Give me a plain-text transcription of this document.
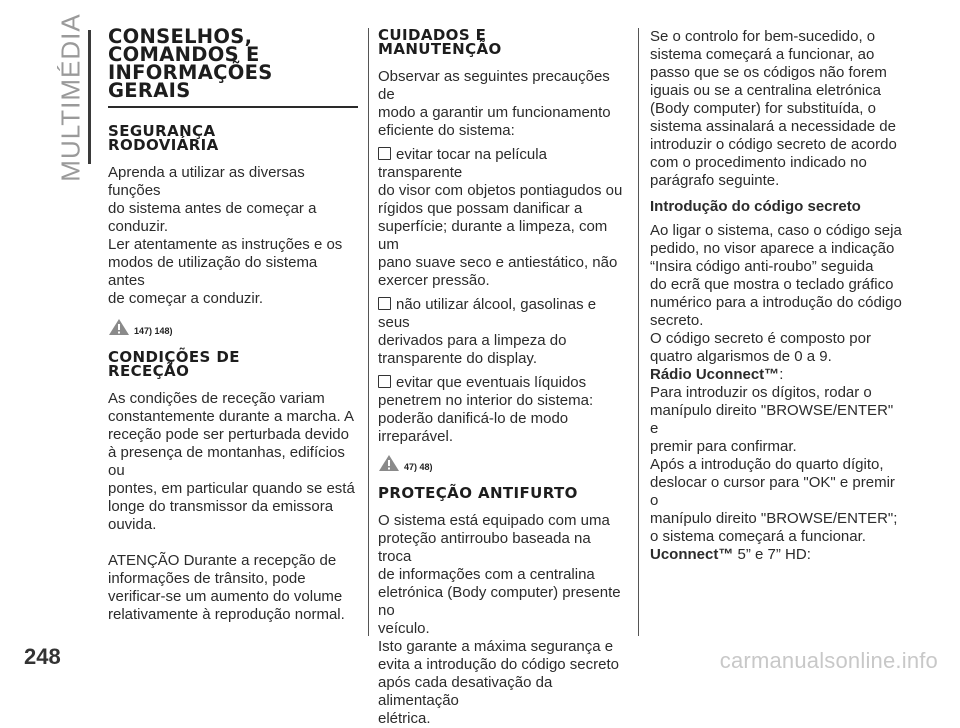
MULTIMÉDIA CONSELHOS,
COMANDOS E
INFORMAÇÕES
GERAIS
SEGURANÇA
RODOVIÁRIA

Aprenda a utilizar as diversas funções
do sistema antes de começar a
conduzir.
Ler atentamente as instruções e os
modos de utilização do sistema antes
de começar a conduzir.

147) 148)
CONDIÇÕES DE
RECEÇÃO

As condições de receção variam
constantemente durante a marcha. A
receção pode ser perturbada devido
à presença de montanhas, edifícios ou
pontes, em particular quando se está
longe do transmissor da emissora
ouvida.

ATENÇÃO Durante a recepção de
informações de trânsito, pode
verificar-se um aumento do volume
relativamente à reprodução normal.

CUIDADOS E
MANUTENÇÃO

Observar as seguintes precauções de
modo a garantir um funcionamento
eficiente do sistema:

evitar tocar na película transparente
do visor com objetos pontiagudos ou
rígidos que possam danificar a
superfície; durante a limpeza, com um
pano suave seco e antiestático, não
exercer pressão.

não utilizar álcool, gasolinas e seus
derivados para a limpeza do
transparente do display.

evitar que eventuais líquidos
penetrem no interior do sistema:
poderão danificá-lo de modo
irreparável.

47) 48)
PROTEÇÃO ANTIFURTO

O sistema está equipado com uma
proteção antirroubo baseada na troca
de informações com a centralina
eletrónica (Body computer) presente no
veículo.
Isto garante a máxima segurança e
evita a introdução do código secreto
após cada desativação da alimentação
elétrica.

Se o controlo for bem-sucedido, o
sistema começará a funcionar, ao
passo que se os códigos não forem
iguais ou se a centralina eletrónica
(Body computer) for substituída, o
sistema assinalará a necessidade de
introduzir o código secreto de acordo
com o procedimento indicado no
parágrafo seguinte.

Introdução do código secreto

Ao ligar o sistema, caso o código seja
pedido, no visor aparece a indicação
“Insira código anti-roubo” seguida
do ecrã que mostra o teclado gráfico
numérico para a introdução do código
secreto.
O código secreto é composto por
quatro algarismos de 0 a 9.
Rádio Uconnect™:
Para introduzir os dígitos, rodar o
manípulo direito "BROWSE/ENTER" e
premir para confirmar.
Após a introdução do quarto dígito,
deslocar o cursor para "OK" e premir o
manípulo direito "BROWSE/ENTER";
o sistema começará a funcionar.
Uconnect™ 5” e 7” HD:

248	carmanualsonline.info
